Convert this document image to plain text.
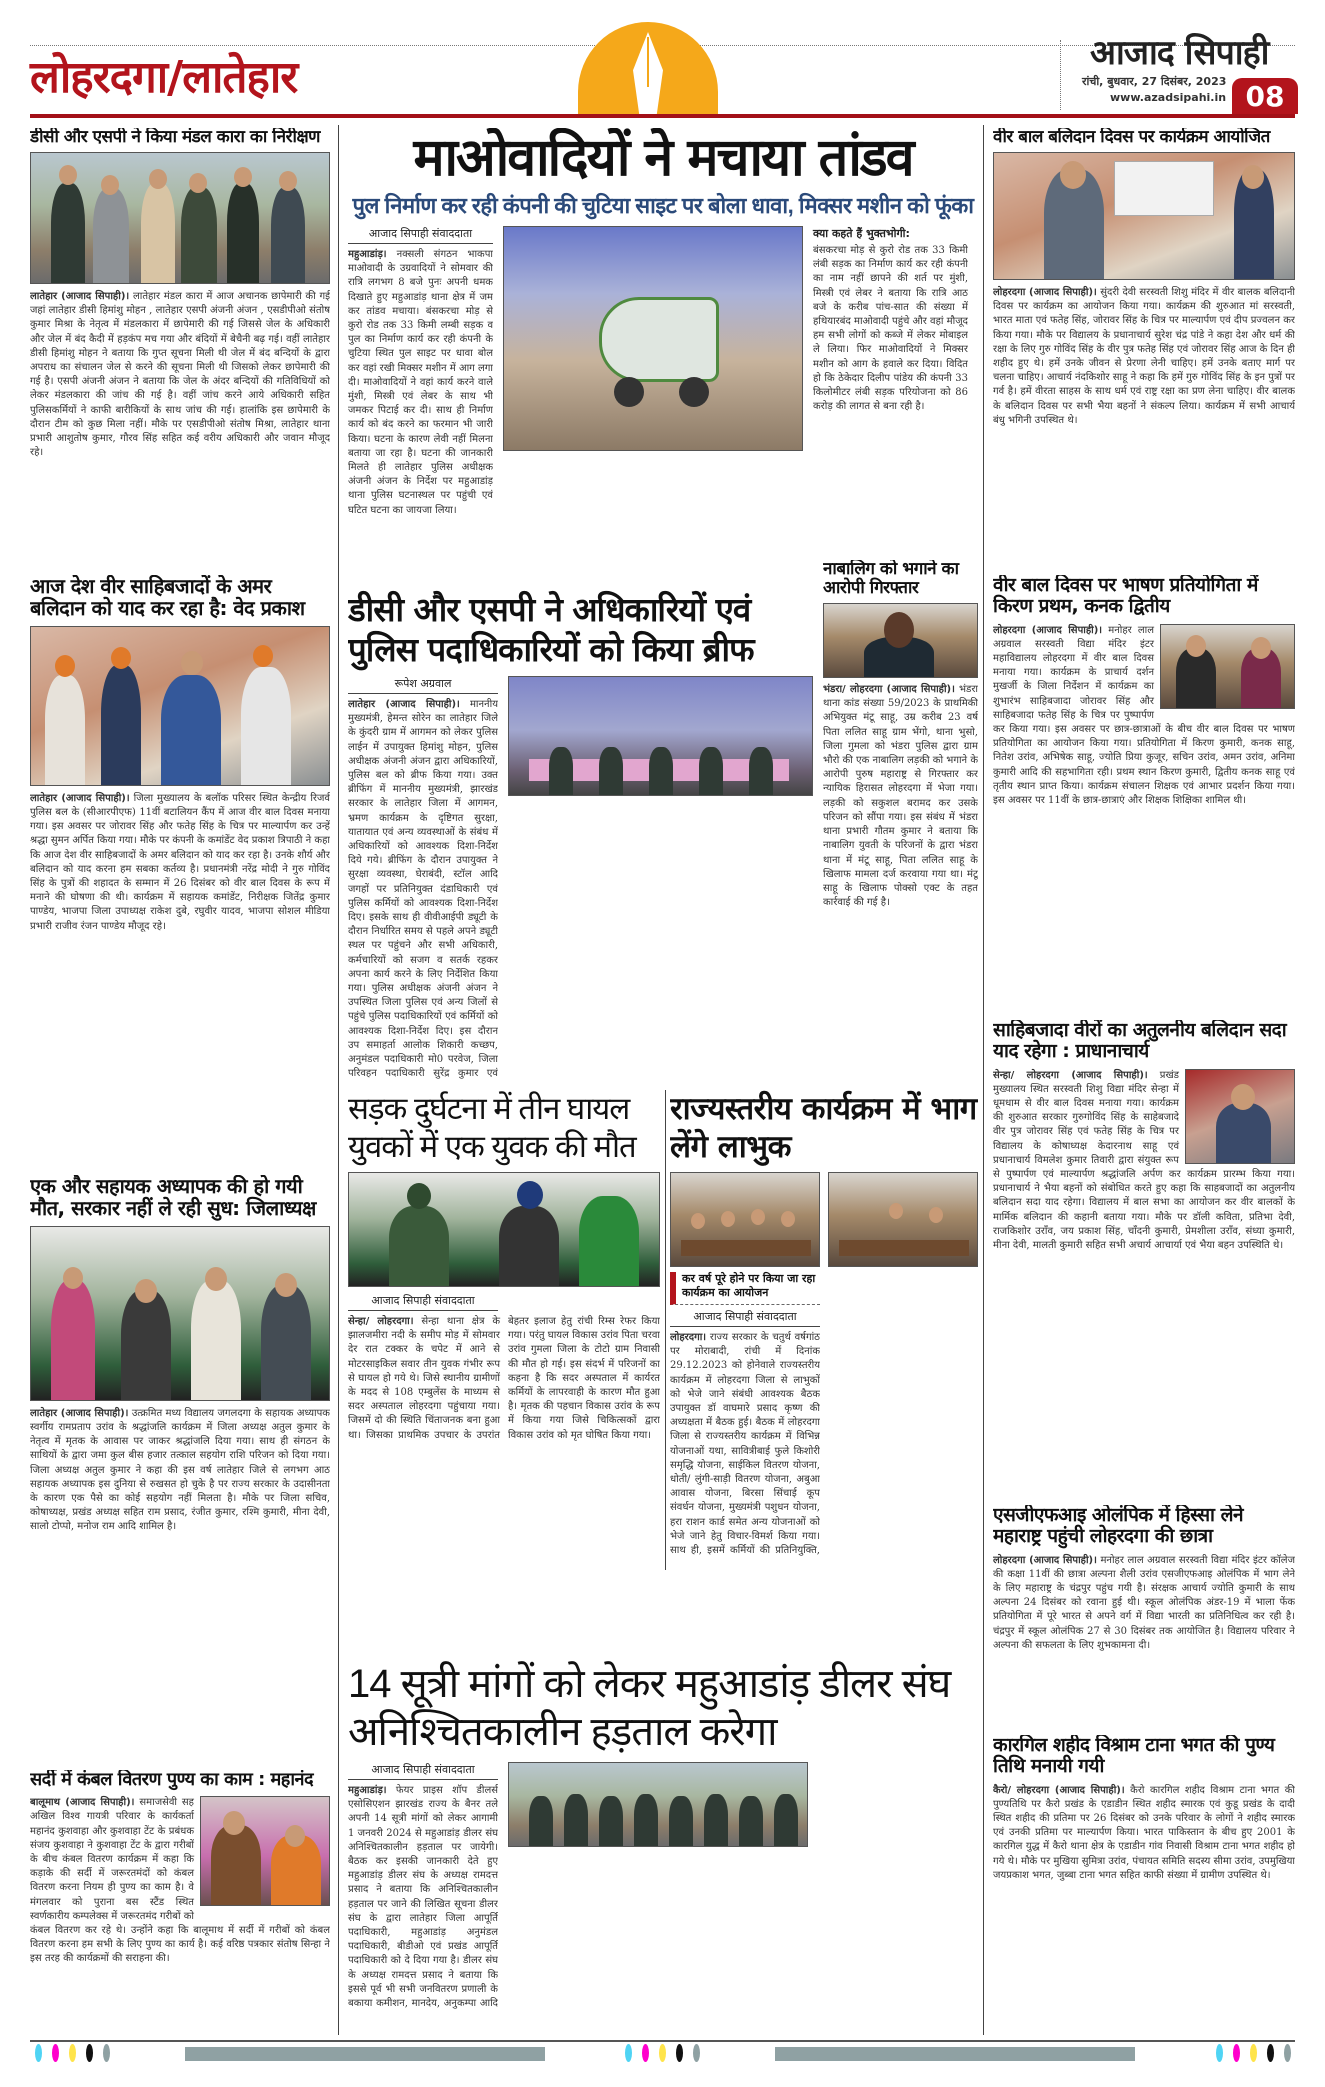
लोहरदगा/लातेहार	आजाद सिपाही
रांची, बुधवार, 27 दिसंबर, 2023
www.azadsipahi.in 08
डीसी और एसपी ने किया मंडल कारा का निरीक्षण

लातेहार (आजाद सिपाही)। लातेहार मंडल कारा में आज अचानक छापेमारी की गई जहां लातेहार डीसी हिमांशु मोहन , लातेहार एसपी अंजनी अंजन , एसडीपीओ संतोष कुमार मिश्रा के नेतृत्व में मंडलकारा में छापेमारी की गई जिससे जेल के अधिकारी और जेल में बंद कैदी में हड़कंप मच गया और बंदियों में बेचैनी बढ़ गई। वहीं लातेहार डीसी हिमांशु मोहन ने बताया कि गुप्त सूचना मिली थी जेल में बंद बन्दियों के द्वारा अपराध का संचालन जेल से करने की सूचना मिली थी जिसको लेकर छापेमारी की गई है। एसपी अंजनी अंजन ने बताया कि जेल के अंदर बन्दियों की गतिविधियों को लेकर मंडलकारा की जांच की गई है। वहीं जांच करने आये अधिकारी सहित पुलिसकर्मियों ने काफी बारीकियों के साथ जांच की गई। हालांकि इस छापेमारी के दौरान टीम को कुछ मिला नहीं। मौके पर एसडीपीओ संतोष मिश्रा, लातेहार थाना प्रभारी आशुतोष कुमार, गौरव सिंह सहित कई वरीय अधिकारी और जवान मौजूद रहे।

आज देश वीर साहिबजादों के अमर बलिदान को याद कर रहा है: वेद प्रकाश

लातेहार (आजाद सिपाही)। जिला मुख्यालय के बलॉक परिसर स्थित केन्द्रीय रिजर्व पुलिस बल के (सीआरपीएफ) 11वीं बटालियन कैंप में आज वीर बाल दिवस मनाया गया। इस अवसर पर जोरावर सिंह और फतेह सिंह के चित्र पर माल्यार्पण कर उन्हें श्रद्धा सुमन अर्पित किया गया। मौके पर कंपनी के कमांडेंट वेद प्रकाश त्रिपाठी ने कहा कि आज देश वीर साहिबजादों के अमर बलिदान को याद कर रहा है। उनके शौर्य और बलिदान को याद करना हम सबका कर्तव्य है। प्रधानमंत्री नरेंद्र मोदी ने गुरु गोविंद सिंह के पुत्रों की शहादत के सम्मान में 26 दिसंबर को वीर बाल दिवस के रूप में मनाने की घोषणा की थी। कार्यक्रम में सहायक कमांडेंट, निरीक्षक जितेंद्र कुमार पाण्डेय, भाजपा जिला उपाध्यक्ष राकेश दुबे, रघुवीर यादव, भाजपा सोशल मीडिया प्रभारी राजीव रंजन पाण्डेय मौजूद रहे।

एक और सहायक अध्यापक की हो गयी मौत, सरकार नहीं ले रही सुध: जिलाध्यक्ष

लातेहार (आजाद सिपाही)। उत्क्रमित मध्य विद्यालय जगलदगा के सहायक अध्यापक स्वर्गीय रामप्रताप उरांव के श्रद्धांजलि कार्यक्रम में जिला अध्यक्ष अतुल कुमार के नेतृत्व में मृतक के आवास पर जाकर श्रद्धांजलि दिया गया। साथ ही संगठन के साथियों के द्वारा जमा कुल बीस हजार तत्काल सहयोग राशि परिजन को दिया गया। जिला अध्यक्ष अतुल कुमार ने कहा की इस वर्ष लातेहार जिले से लगभग आठ सहायक अध्यापक इस दुनिया से रुखसत हो चुके है पर राज्य सरकार के उदासीनता के कारण एक पैसे का कोई सहयोग नहीं मिलता है। मौके पर जिला सचिव, कोषाध्यक्ष, प्रखंड अध्यक्ष सहित राम प्रसाद, रंजीत कुमार, रश्मि कुमारी, मीना देवी, सालो टोप्पो, मनोज राम आदि शामिल है।

सर्दी में कंबल वितरण पुण्य का काम : महानंद

बालूमाथ (आजाद सिपाही)। समाजसेवी सह अखिल विश्व गायत्री परिवार के कार्यकर्ता महानंद कुशवाहा और कुशवाहा टेंट के प्रबंधक संजय कुशवाहा ने कुशवाहा टेंट के द्वारा गरीबों के बीच कंबल वितरण कार्यक्रम में कहा कि कड़ाके की सर्दी में जरूरतमंदों को कंबल वितरण करना नियम ही पुण्य का काम है। वे मंगलवार को पुराना बस स्टैंड स्थित स्वर्णकारीय कम्पलेक्स में जरूरतमंद गरीबों को कंबल वितरण कर रहे थे। उन्होंने कहा कि बालूमाथ में सर्दी में गरीबों को कंबल वितरण करना हम सभी के लिए पुण्य का कार्य है। कई वरिष्ठ पत्रकार संतोष सिन्हा ने इस तरह की कार्यक्रमों की सराहना की।

माओवादियों ने मचाया तांडव
पुल निर्माण कर रही कंपनी की चुटिया साइट पर बोला धावा, मिक्सर मशीन को फूंका
आजाद सिपाही संवाददाता

महुआडांड़। नक्सली संगठन भाकपा माओवादी के उग्रवादियों ने सोमवार की रात्रि लगभग 8 बजे पुनः अपनी धमक दिखाते हुए महुआडांड़ थाना क्षेत्र में जम कर तांडव मचाया। बंसकरचा मोड़ से कुरो रोड तक 33 किमी लम्बी सड़क व पुल का निर्माण कार्य कर रही कंपनी के चुटिया स्थित पुल साइट पर धावा बोल कर वहां रखी मिक्सर मशीन में आग लगा दी। माओवादियों ने वहां कार्य करने वाले मुंशी, मिस्त्री एवं लेबर के साथ भी जमकर पिटाई कर दी। साथ ही निर्माण कार्य को बंद करने का फरमान भी जारी किया। घटना के कारण लेवी नहीं मिलना बताया जा रहा है। घटना की जानकारी मिलते ही लातेहार पुलिस अधीक्षक अंजनी अंजन के निर्देश पर महुआडांड़ थाना पुलिस घटनास्थल पर पहुंची एवं घटित घटना का जायजा लिया।

क्या कहते हैं भुक्तभोगी:

बंसकरचा मोड़ से कुरो रोड तक 33 किमी लंबी सड़क का निर्माण कार्य कर रही कंपनी का नाम नहीं छापने की शर्त पर मुंशी, मिस्त्री एवं लेबर ने बताया कि रात्रि आठ बजे के करीब पांच-सात की संख्या में हथियारबंद माओवादी पहुंचे और वहां मौजूद हम सभी लोगों को कब्जे में लेकर मोबाइल ले लिया। फिर माओवादियों ने मिक्सर मशीन को आग के हवाले कर दिया। विदित हो कि ठेकेदार दिलीप पांडेय की कंपनी 33 किलोमीटर लंबी सड़क परियोजना को 86 करोड़ की लागत से बना रही है।

डीसी और एसपी ने अधिकारियों एवं पुलिस पदाधिकारियों को किया ब्रीफ
रूपेश अग्रवाल

लातेहार (आजाद सिपाही)। माननीय मुख्यमंत्री, हेमन्त सोरेन का लातेहार जिले के कुंदरी ग्राम में आगमन को लेकर पुलिस लाईन में उपायुक्त हिमांशु मोहन, पुलिस अधीक्षक अंजनी अंजन द्वारा अधिकारियों, पुलिस बल को ब्रीफ किया गया। उक्त ब्रीफिंग में माननीय मुख्यमंत्री, झारखंड सरकार के लातेहार जिला में आगमन, भ्रमण कार्यक्रम के दृष्टिगत सुरक्षा, यातायात एवं अन्य व्यवस्थाओं के संबंध में अधिकारियों को आवश्यक दिशा-निर्देश दिये गये। ब्रीफिंग के दौरान उपायुक्त ने सुरक्षा व्यवस्था, घेराबंदी, स्टॉल आदि जगहों पर प्रतिनियुक्त दंडाधिकारी एवं पुलिस कर्मियों को आवश्यक दिशा-निर्देश दिए। इसके साथ ही वीवीआईपी ड्यूटी के दौरान निर्धारित समय से पहले अपने ड्यूटी स्थल पर पहुंचने और सभी अधिकारी, कर्मचारियों को सजग व सतर्क रहकर अपना कार्य करने के लिए निर्देशित किया गया। पुलिस अधीक्षक अंजनी अंजन ने उपस्थित जिला पुलिस एवं अन्य जिलों से पहुंचे पुलिस पदाधिकारियों एवं कर्मियों को आवश्यक दिशा-निर्देश दिए। इस दौरान उप समाहर्ता आलोक शिकारी कच्छप, अनुमंडल पदाधिकारी मो0 परवेज, जिला परिवहन पदाधिकारी सुरेंद्र कुमार एवं

नाबालिग को भगाने का आरोपी गिरफ्तार

भंडरा/ लोहरदगा (आजाद सिपाही)। भंडरा थाना कांड संख्या 59/2023 के प्राथमिकी अभियुक्त मंटू साहू, उम्र करीब 23 वर्ष पिता ललित साहू ग्राम भेंगो, थाना भुसो, जिला गुमला को भंडरा पुलिस द्वारा ग्राम भौरो की एक नाबालिग लड़की को भगाने के आरोपी पुरुष महाराष्ट्र से गिरफ्तार कर न्यायिक हिरासत लोहरदगा में भेजा गया। लड़की को सकुशल बरामद कर उसके परिजन को सौंपा गया। इस संबंध में भंडरा थाना प्रभारी गौतम कुमार ने बताया कि नाबालिग युवती के परिजनों के द्वारा भंडरा थाना में मंटू साहू, पिता ललित साहू के खिलाफ मामला दर्ज करवाया गया था। मंटू साहू के खिलाफ पोक्सो एक्ट के तहत कार्रवाई की गई है।

सड़क दुर्घटना में तीन घायल युवकों में एक युवक की मौत
आजाद सिपाही संवाददाता

सेन्हा/ लोहरदगा। सेन्हा थाना क्षेत्र के झालजमीरा नदी के समीप मोड़ में सोमवार देर रात टक्कर के चपेट में आने से मोटरसाइकिल सवार तीन युवक गंभीर रूप से घायल हो गये थे। जिसे स्थानीय ग्रामीणों के मदद से 108 एम्बुलेंस के माध्यम से सदर अस्पताल लोहरदगा पहुंचाया गया। जिसमें दो की स्थिति चिंताजनक बना हुआ था। जिसका प्राथमिक उपचार के उपरांत बेहतर इलाज हेतु रांची रिम्स रेफर किया गया। परंतु घायल विकास उरांव पिता चरवा उरांव गुमला जिला के टोटो ग्राम निवासी की मौत हो गई। इस संदर्भ में परिजनों का कहना है कि सदर अस्पताल में कार्यरत कर्मियों के लापरवाही के कारण मौत हुआ है। मृतक की पहचान विकास उरांव के रूप में किया गया जिसे चिकित्सकों द्वारा विकास उरांव को मृत घोषित किया गया।

राज्यस्तरीय कार्यक्रम में भाग लेंगे लाभुक
कर वर्ष पूरे होने पर किया जा रहा कार्यक्रम का आयोजन
आजाद सिपाही संवाददाता

लोहरदगा। राज्य सरकार के चतुर्थ वर्षगांठ पर मोराबादी, रांची में दिनांक 29.12.2023 को होनेवाले राज्यस्तरीय कार्यक्रम में लोहरदगा जिला से लाभुकों को भेजे जाने संबंधी आवश्यक बैठक उपायुक्त डॉ वाघमारे प्रसाद कृष्ण की अध्यक्षता में बैठक हुई। बैठक में लोहरदगा जिला से राज्यस्तरीय कार्यक्रम में विभिन्न योजनाओं यथा, सावित्रीबाई फुले किशोरी समृद्धि योजना, साईकिल वितरण योजना, धोती/ लुंगी-साड़ी वितरण योजना, अबुआ आवास योजना, बिरसा सिंचाई कूप संवर्धन योजना, मुख्यमंत्री पशुधन योजना, हरा राशन कार्ड समेत अन्य योजनाओं को भेजे जाने हेतु विचार-विमर्श किया गया। साथ ही, इसमें कर्मियों की प्रतिनियुक्ति,

14 सूत्री मांगों को लेकर महुआडांड़ डीलर संघ अनिश्चितकालीन हड़ताल करेगा
आजाद सिपाही संवाददाता

महुआडांड़। फेयर प्राइस शॉप डीलर्स एसोसिएशन झारखंड राज्य के बैनर तले अपनी 14 सूत्री मांगों को लेकर आगामी 1 जनवरी 2024 से महुआडांड़ डीलर संघ अनिश्चितकालीन हड़ताल पर जायेगी। बैठक कर इसकी जानकारी देते हुए महुआडांड़ डीलर संघ के अध्यक्ष रामदत्त प्रसाद ने बताया कि अनिश्चितकालीन हड़ताल पर जाने की लिखित सूचना डीलर संघ के द्वारा लातेहार जिला आपूर्ति पदाधिकारी, महुआडांड़ अनुमंडल पदाधिकारी, बीडीओ एवं प्रखंड आपूर्ति पदाधिकारी को दे दिया गया है। डीलर संघ के अध्यक्ष रामदत्त प्रसाद ने बताया कि इससे पूर्व भी सभी जनवितरण प्रणाली के बकाया कमीशन, मानदेय, अनुकम्पा आदि

वीर बाल बलिदान दिवस पर कार्यक्रम आयोजित

लोहरदगा (आजाद सिपाही)। सुंदरी देवी सरस्वती शिशु मंदिर में वीर बालक बलिदानी दिवस पर कार्यक्रम का आयोजन किया गया। कार्यक्रम की शुरुआत मां सरस्वती, भारत माता एवं फतेह सिंह, जोरावर सिंह के चित्र पर माल्यार्पण एवं दीप प्रज्वलन कर किया गया। मौके पर विद्यालय के प्रधानाचार्य सुरेश चंद्र पांडे ने कहा देश और धर्म की रक्षा के लिए गुरु गोविंद सिंह के वीर पुत्र फतेह सिंह एवं जोरावर सिंह आज के दिन ही शहीद हुए थे। हमें उनके जीवन से प्रेरणा लेनी चाहिए। हमें उनके बताए मार्ग पर चलना चाहिए। आचार्य नंदकिशोर साहू ने कहा कि हमें गुरु गोविंद सिंह के इन पुत्रों पर गर्व है। हमें वीरता साहस के साथ धर्म एवं राष्ट्र रक्षा का प्रण लेना चाहिए। वीर बालक के बलिदान दिवस पर सभी भैया बहनों ने संकल्प लिया। कार्यक्रम में सभी आचार्य बंधु भगिनी उपस्थित थे।

वीर बाल दिवस पर भाषण प्रतियोगिता में किरण प्रथम, कनक द्वितीय

लोहरदगा (आजाद सिपाही)। मनोहर लाल अग्रवाल सरस्वती विद्या मंदिर इंटर महाविद्यालय लोहरदगा में वीर बाल दिवस मनाया गया। कार्यक्रम के प्राचार्य दर्शन मुखर्जी के जिला निर्देशन में कार्यक्रम का शुभारंभ साहिबजादा जोरावर सिंह और साहिबजादा फतेह सिंह के चित्र पर पुष्पार्पण कर किया गया। इस अवसर पर छात्र-छात्राओं के बीच वीर बाल दिवस पर भाषण प्रतियोगिता का आयोजन किया गया। प्रतियोगिता में किरण कुमारी, कनक साहू, नितेश उरांव, अभिषेक साहू, ज्योति प्रिया कुजूर, सचिन उरांव, अमन उरांव, अनिमा कुमारी आदि की सहभागिता रही। प्रथम स्थान किरण कुमारी, द्वितीय कनक साहू एवं तृतीय स्थान प्राप्त किया। कार्यक्रम संचालन शिक्षक एवं आभार प्रदर्शन किया गया। इस अवसर पर 11वीं के छात्र-छात्राएं और शिक्षक शिक्षिका शामिल थी।

साहिबजादा वीरों का अतुलनीय बलिदान सदा याद रहेगा : प्राधानाचार्य

सेन्हा/ लोहरदगा (आजाद सिपाही)। प्रखंड मुख्यालय स्थित सरस्वती शिशु विद्या मंदिर सेन्हा में धूमधाम से वीर बाल दिवस मनाया गया। कार्यक्रम की शुरुआत सरकार गुरुगोविंद सिंह के साहेबजादे वीर पुत्र जोरावर सिंह एवं फतेह सिंह के चित्र पर विद्यालय के कोषाध्यक्ष केदारनाथ साहू एवं प्रधानाचार्य विमलेश कुमार तिवारी द्वारा संयुक्त रूप से पुष्पार्पण एवं माल्यार्पण श्रद्धांजलि अर्पण कर कार्यक्रम प्रारम्भ किया गया। प्रधानाचार्य ने भैया बहनों को संबोधित करते हुए कहा कि साहबजादों का अतुलनीय बलिदान सदा याद रहेगा। विद्यालय में बाल सभा का आयोजन कर वीर बालकों के मार्मिक बलिदान की कहानी बताया गया। मौके पर डॉली कविता, प्रतिभा देवी, राजकिशोर उराँव, जय प्रकाश सिंह, चाँदनी कुमारी, प्रेमशीला उराँव, संध्या कुमारी, मीना देवी, मालती कुमारी सहित सभी अचार्य आचार्या एवं भैया बहन उपस्थिति थे।

एसजीएफआइ ओलंपिक में हिस्सा लेने महाराष्ट्र पहुंची लोहरदगा की छात्रा

लोहरदगा (आजाद सिपाही)। मनोहर लाल अग्रवाल सरस्वती विद्या मंदिर इंटर कॉलेज की कक्षा 11वीं की छात्रा अल्पना शैली उरांव एसजीएफआइ ओलंपिक में भाग लेने के लिए महाराष्ट्र के चंद्रपुर पहुंच गयी है। संरक्षक आचार्य ज्योति कुमारी के साथ अल्पना 24 दिसंबर को रवाना हुई थी। स्कूल ओलंपिक अंडर-19 में भाला फेंक प्रतियोगिता में पूरे भारत से अपने वर्ग में विद्या भारती का प्रतिनिधित्व कर रही है। चंद्रपुर में स्कूल ओलंपिक 27 से 30 दिसंबर तक आयोजित है। विद्यालय परिवार ने अल्पना की सफलता के लिए शुभकामना दी।

कारगिल शहीद विश्राम टाना भगत की पुण्य तिथि मनायी गयी

कैरो/ लोहरदगा (आजाद सिपाही)। कैरो कारगिल शहीद विश्राम टाना भगत की पुण्यतिथि पर कैरो प्रखंड के एडाडीन स्थित शहीद स्मारक एवं कुडू प्रखंड के दादी स्थित शहीद की प्रतिमा पर 26 दिसंबर को उनके परिवार के लोगों ने शहीद स्मारक एवं उनकी प्रतिमा पर माल्यार्पण किया। भारत पाकिस्तान के बीच हुए 2001 के कारगिल युद्ध में कैरो थाना क्षेत्र के एडाडीन गांव निवासी विश्राम टाना भगत शहीद हो गये थे। मौके पर मुखिया सुमित्रा उरांव, पंचायत समिति सदस्य सीमा उरांव, उपमुखिया जयप्रकाश भगत, जुब्बा टाना भगत सहित काफी संख्या में ग्रामीण उपस्थित थे।
